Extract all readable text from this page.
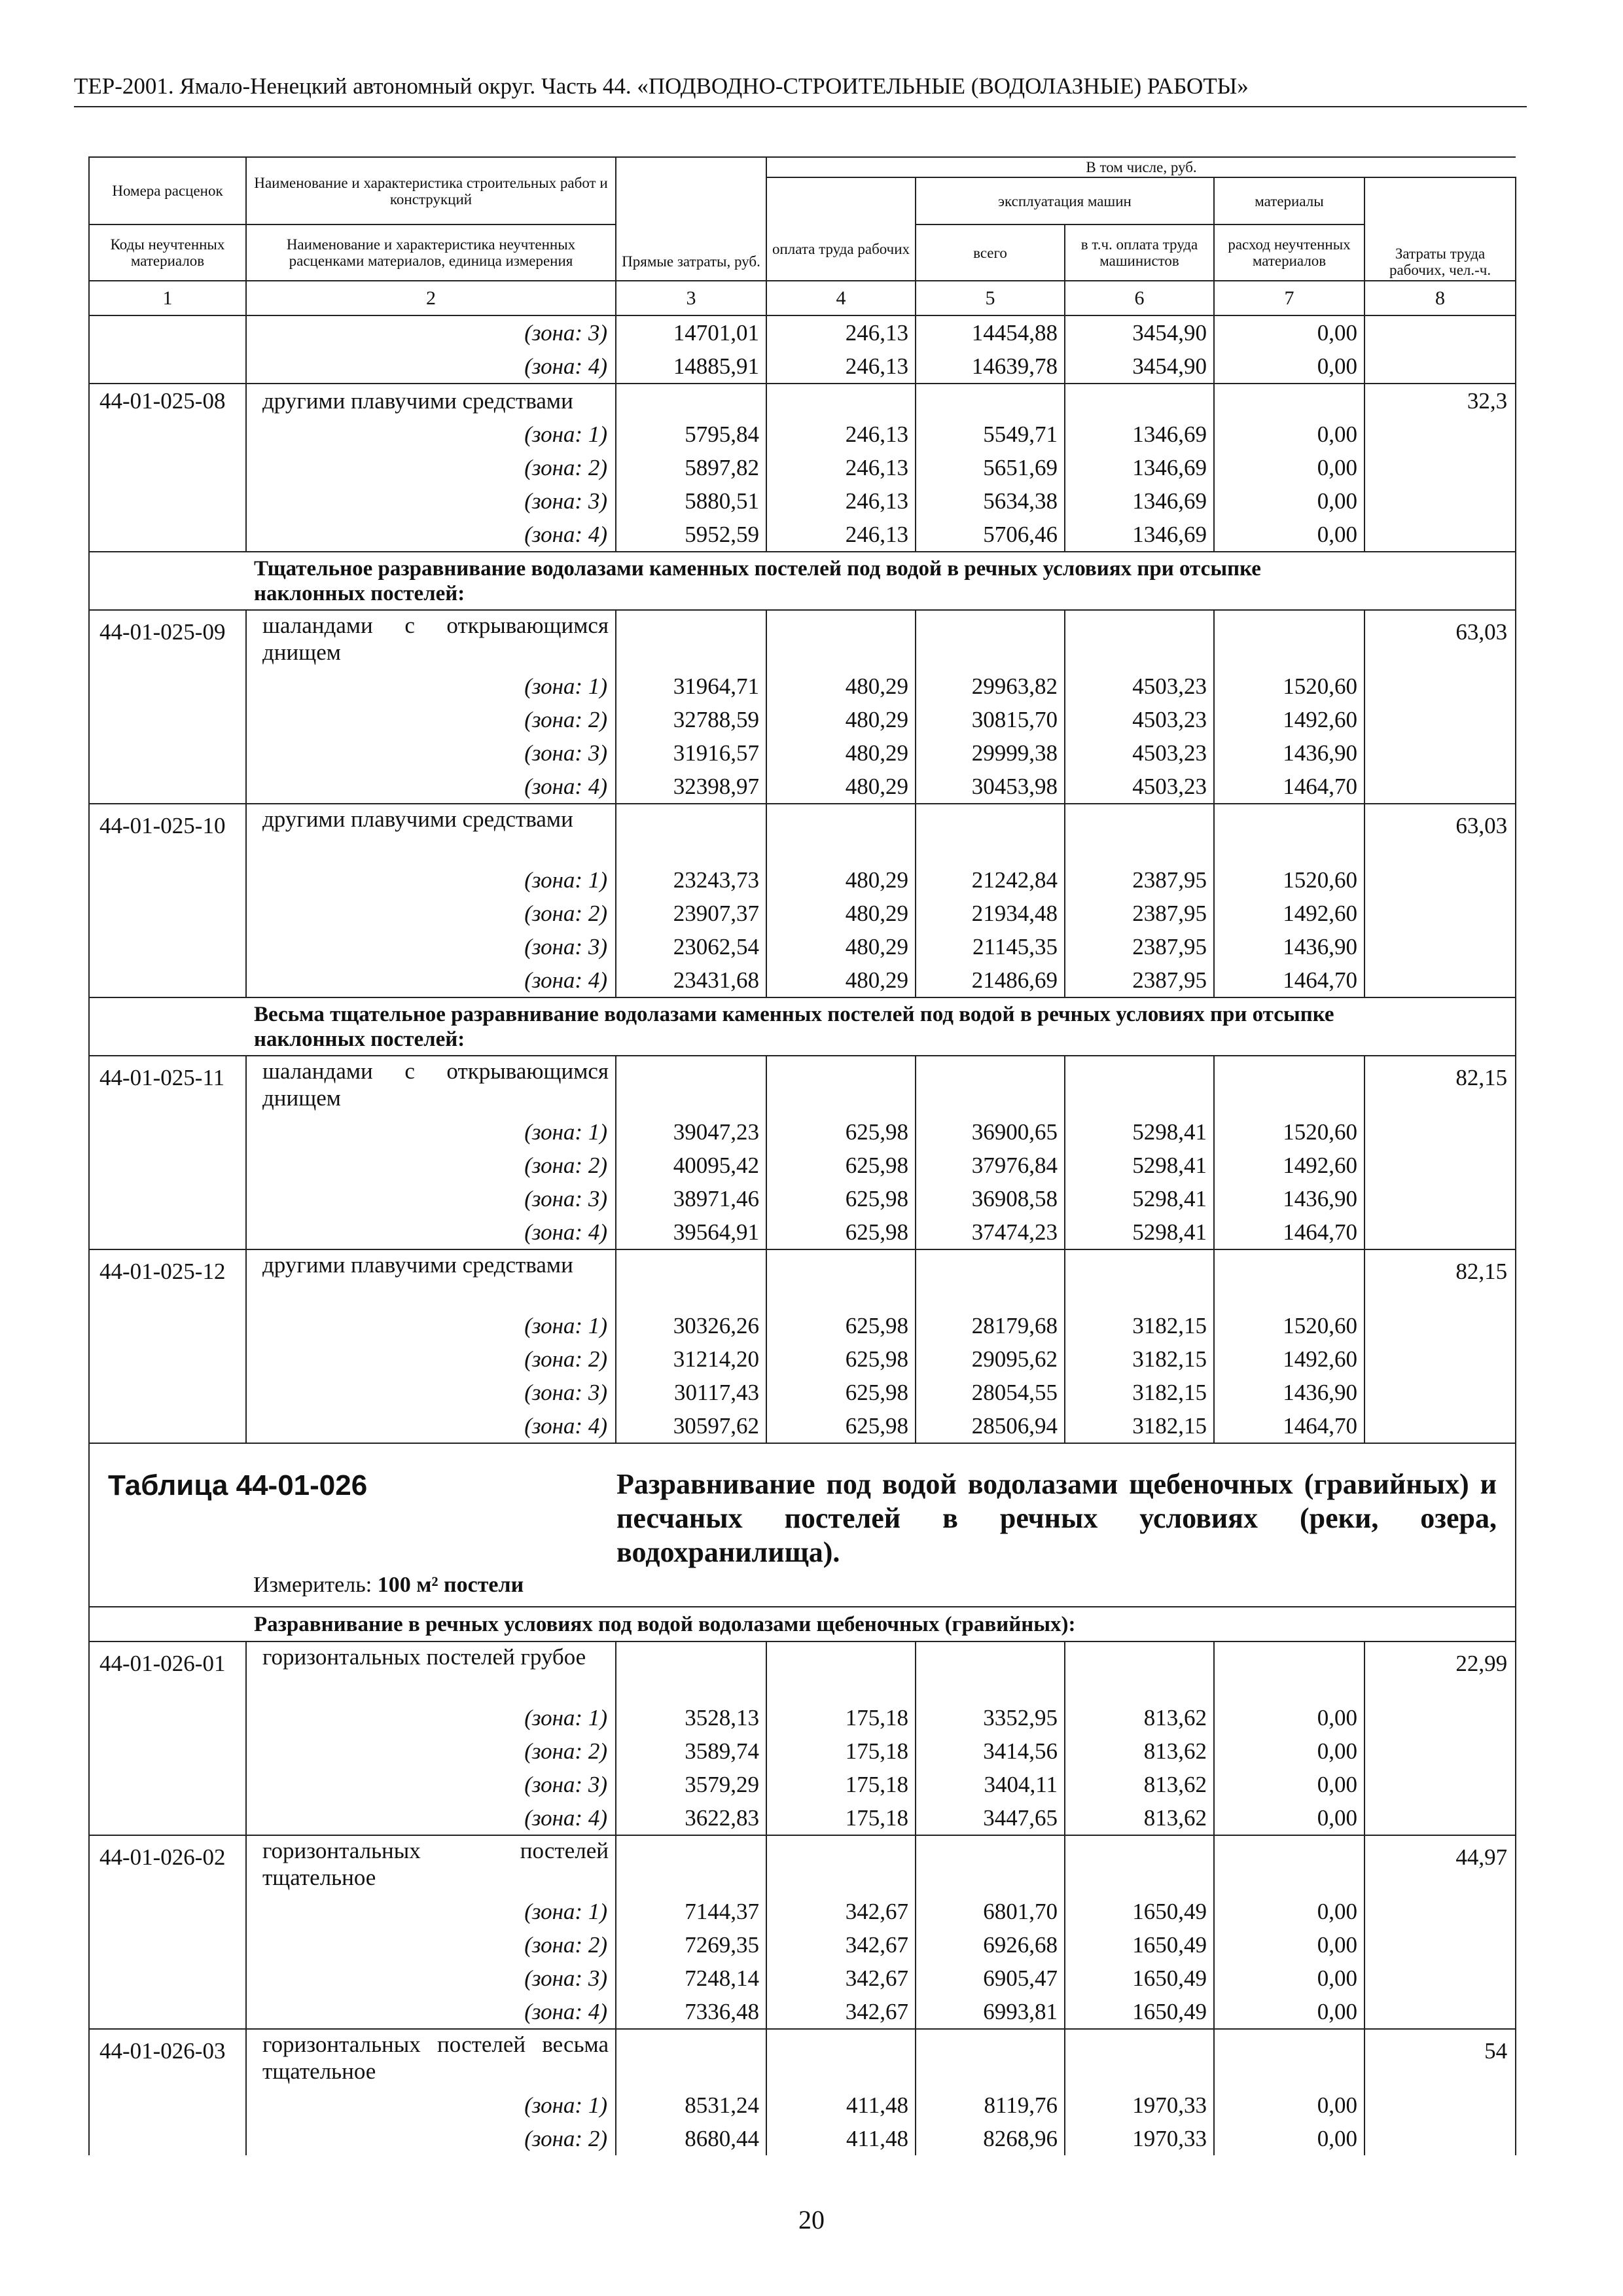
ТЕР-2001. Ямало-Ненецкий автономный округ. Часть 44. «ПОДВОДНО-СТРОИТЕЛЬНЫЕ (ВОДОЛАЗНЫЕ) РАБОТЫ»
Номера расценок	Наименование и характеристика строительных работ и конструкций	Прямые затраты, руб.	В том числе, руб.				

			оплата труда рабочих	эксплуатация машин		материалы	Затраты труда рабочих, чел.-ч.

				всего	в т.ч. оплата труда машинистов	расход неучтенных материалов	
Коды неучтенных материалов	Наименование и характеристика неучтенных расценками материалов, единица измерения						
1	2	3	4	5	6	7	8
	(зона: 3)	14701,01	246,13	14454,88	3454,90	0,00	
	(зона: 4)	14885,91	246,13	14639,78	3454,90	0,00	
44-01-025-08	другими плавучими средствами						32,3
	(зона: 1)	5795,84	246,13	5549,71	1346,69	0,00	
	(зона: 2)	5897,82	246,13	5651,69	1346,69	0,00	
	(зона: 3)	5880,51	246,13	5634,38	1346,69	0,00	
	(зона: 4)	5952,59	246,13	5706,46	1346,69	0,00	
	Тщательное разравнивание водолазами каменных постелей под водой в речных условиях при отсыпке наклонных постелей:						
44-01-025-09	шаландами с открывающимся днищем						63,03
	(зона: 1)	31964,71	480,29	29963,82	4503,23	1520,60	
	(зона: 2)	32788,59	480,29	30815,70	4503,23	1492,60	
	(зона: 3)	31916,57	480,29	29999,38	4503,23	1436,90	
	(зона: 4)	32398,97	480,29	30453,98	4503,23	1464,70	
44-01-025-10	другими плавучими средствами						63,03
	(зона: 1)	23243,73	480,29	21242,84	2387,95	1520,60	
	(зона: 2)	23907,37	480,29	21934,48	2387,95	1492,60	
	(зона: 3)	23062,54	480,29	21145,35	2387,95	1436,90	
	(зона: 4)	23431,68	480,29	21486,69	2387,95	1464,70	
	Весьма тщательное разравнивание водолазами каменных постелей под водой в речных условиях при отсыпке наклонных постелей:						
44-01-025-11	шаландами с открывающимся днищем						82,15
	(зона: 1)	39047,23	625,98	36900,65	5298,41	1520,60	
	(зона: 2)	40095,42	625,98	37976,84	5298,41	1492,60	
	(зона: 3)	38971,46	625,98	36908,58	5298,41	1436,90	
	(зона: 4)	39564,91	625,98	37474,23	5298,41	1464,70	
44-01-025-12	другими плавучими средствами						82,15
	(зона: 1)	30326,26	625,98	28179,68	3182,15	1520,60	
	(зона: 2)	31214,20	625,98	29095,62	3182,15	1492,60	
	(зона: 3)	30117,43	625,98	28054,55	3182,15	1436,90	
	(зона: 4)	30597,62	625,98	28506,94	3182,15	1464,70	

Таблица 44-01-026 Разравнивание под водой водолазами щебеночных (гравийных) и песчаных постелей в речных условиях (реки, озера, водохранилища).
Измеритель: 100 м² постели							

	Разравнивание в речных условиях под водой водолазами щебеночных (гравийных):						
44-01-026-01	горизонтальных постелей грубое						22,99
	(зона: 1)	3528,13	175,18	3352,95	813,62	0,00	
	(зона: 2)	3589,74	175,18	3414,56	813,62	0,00	
	(зона: 3)	3579,29	175,18	3404,11	813,62	0,00	
	(зона: 4)	3622,83	175,18	3447,65	813,62	0,00	
44-01-026-02	горизонтальных постелей тщательное						44,97
	(зона: 1)	7144,37	342,67	6801,70	1650,49	0,00	
	(зона: 2)	7269,35	342,67	6926,68	1650,49	0,00	
	(зона: 3)	7248,14	342,67	6905,47	1650,49	0,00	
	(зона: 4)	7336,48	342,67	6993,81	1650,49	0,00	
44-01-026-03	горизонтальных постелей весьма тщательное						54
	(зона: 1)	8531,24	411,48	8119,76	1970,33	0,00	
	(зона: 2)	8680,44	411,48	8268,96	1970,33	0,00	
20
